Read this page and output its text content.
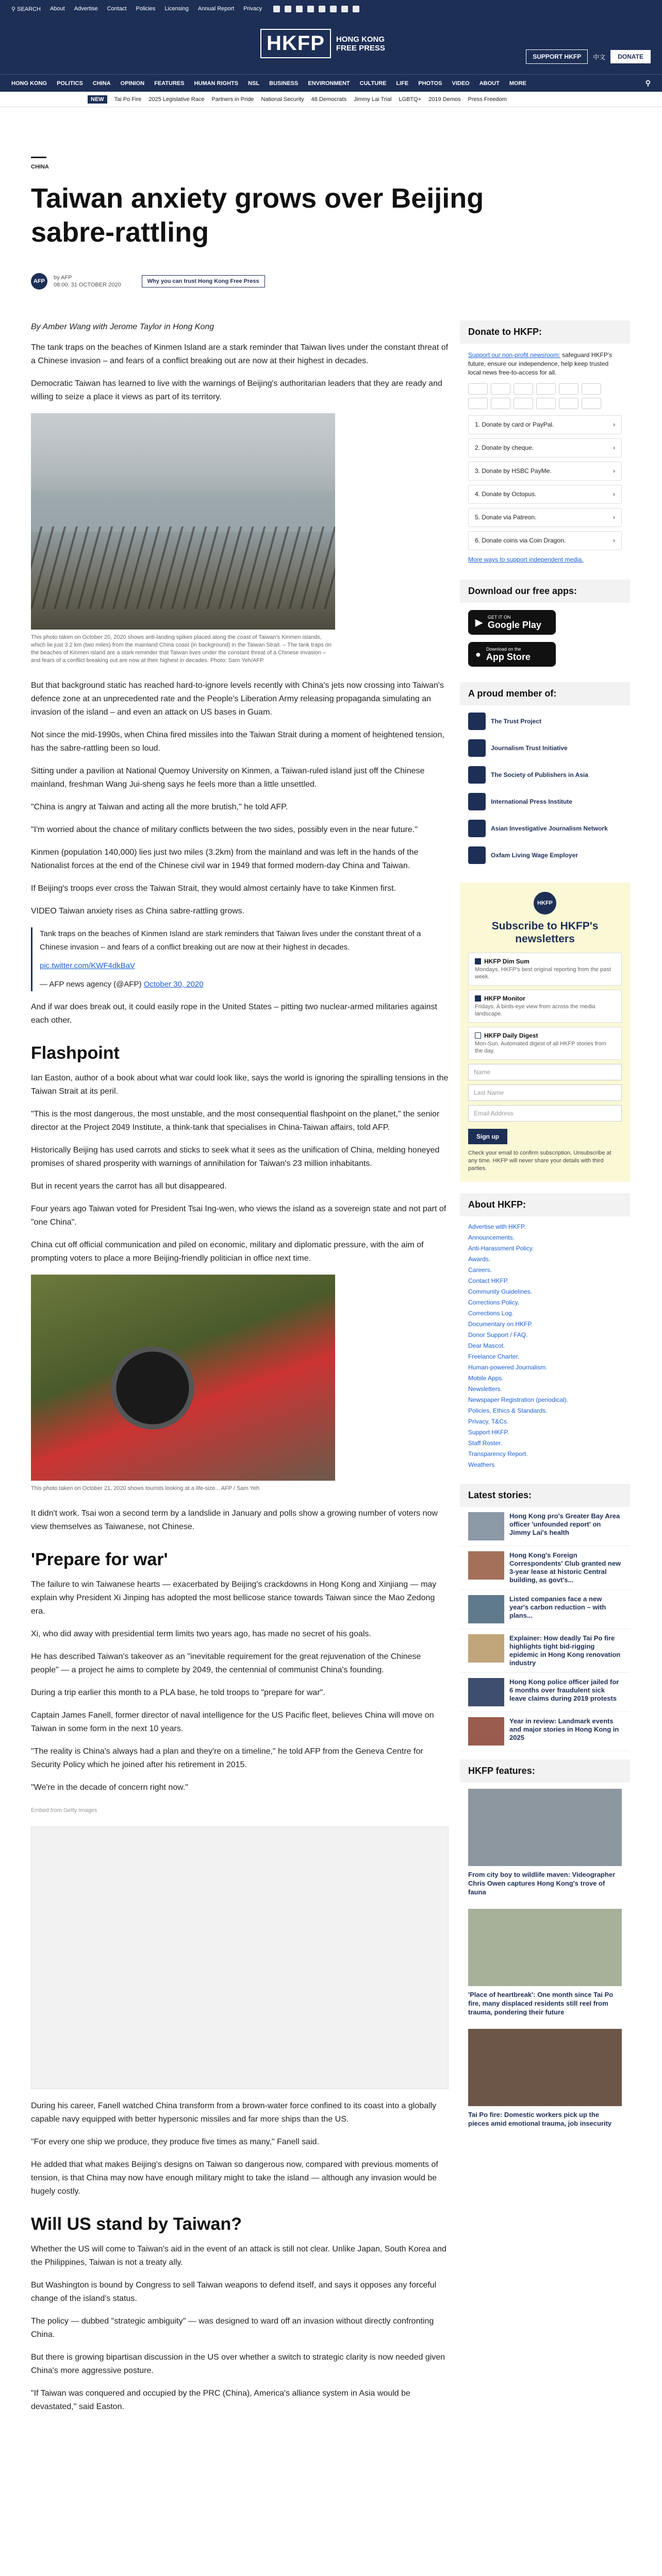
⚲ SEARCH About Advertise Contact Policies Licensing Annual Report Privacy
HKFP	HONG KONG
FREE PRESS
SUPPORT HKFP	中文	DONATE
HONG KONG POLITICS CHINA OPINION FEATURES HUMAN RIGHTS NSL BUSINESS ENVIRONMENT CULTURE LIFE PHOTOS VIDEO ABOUT MORE	⚲
NEW	Tai Po Fire 2025 Legislative Race Partners in Pride National Security 48 Democrats Jimmy Lai Trial LGBTQ+ 2019 Demos Press Freedom
CHINA
Taiwan anxiety grows over Beijing sabre-rattling
AFP
by AFP
08:00, 31 OCTOBER 2020
Why you can trust Hong Kong Free Press

By Amber Wang with Jerome Taylor in Hong Kong

The tank traps on the beaches of Kinmen Island are a stark reminder that Taiwan lives under the constant threat of a Chinese invasion – and fears of a conflict breaking out are now at their highest in decades.

Democratic Taiwan has learned to live with the warnings of Beijing's authoritarian leaders that they are ready and willing to seize a place it views as part of its territory.

This photo taken on October 20, 2020 shows anti-landing spikes placed along the coast of Taiwan's Kinmen islands, which lie just 3.2 km (two miles) from the mainland China coast (in background) in the Taiwan Strait. – The tank traps on the beaches of Kinmen island are a stark reminder that Taiwan lives under the constant threat of a Chinese invasion – and fears of a conflict breaking out are now at their highest in decades. Photo: Sam Yeh/AFP.

But that background static has reached hard-to-ignore levels recently with China's jets now crossing into Taiwan's defence zone at an unprecedented rate and the People's Liberation Army releasing propaganda simulating an invasion of the island – and even an attack on US bases in Guam.

Not since the mid-1990s, when China fired missiles into the Taiwan Strait during a moment of heightened tension, has the sabre-rattling been so loud.

Sitting under a pavilion at National Quemoy University on Kinmen, a Taiwan-ruled island just off the Chinese mainland, freshman Wang Jui-sheng says he feels more than a little unsettled.

"China is angry at Taiwan and acting all the more brutish," he told AFP.

"I'm worried about the chance of military conflicts between the two sides, possibly even in the near future."

Kinmen (population 140,000) lies just two miles (3.2km) from the mainland and was left in the hands of the Nationalist forces at the end of the Chinese civil war in 1949 that formed modern-day China and Taiwan.

If Beijing's troops ever cross the Taiwan Strait, they would almost certainly have to take Kinmen first.

VIDEO Taiwan anxiety rises as China sabre-rattling grows.

Tank traps on the beaches of Kinmen Island are stark reminders that Taiwan lives under the constant threat of a Chinese invasion – and fears of a conflict breaking out are now at their highest in decades.

pic.twitter.com/KWF4dkBaV

— AFP news agency (@AFP) October 30, 2020

And if war does break out, it could easily rope in the United States – pitting two nuclear-armed militaries against each other.

Flashpoint

Ian Easton, author of a book about what war could look like, says the world is ignoring the spiralling tensions in the Taiwan Strait at its peril.

"This is the most dangerous, the most unstable, and the most consequential flashpoint on the planet," the senior director at the Project 2049 Institute, a think-tank that specialises in China-Taiwan affairs, told AFP.

Historically Beijing has used carrots and sticks to seek what it sees as the unification of China, melding honeyed promises of shared prosperity with warnings of annihilation for Taiwan's 23 million inhabitants.

But in recent years the carrot has all but disappeared.

Four years ago Taiwan voted for President Tsai Ing-wen, who views the island as a sovereign state and not part of "one China".

China cut off official communication and piled on economic, military and diplomatic pressure, with the aim of prompting voters to place a more Beijing-friendly politician in office next time.

This photo taken on October 21, 2020 shows tourists looking at a life-size... AFP / Sam Yeh

It didn't work. Tsai won a second term by a landslide in January and polls show a growing number of voters now view themselves as Taiwanese, not Chinese.

'Prepare for war'

The failure to win Taiwanese hearts — exacerbated by Beijing's crackdowns in Hong Kong and Xinjiang — may explain why President Xi Jinping has adopted the most bellicose stance towards Taiwan since the Mao Zedong era.

Xi, who did away with presidential term limits two years ago, has made no secret of his goals.

He has described Taiwan's takeover as an "inevitable requirement for the great rejuvenation of the Chinese people" — a project he aims to complete by 2049, the centennial of communist China's founding.

During a trip earlier this month to a PLA base, he told troops to "prepare for war".

Captain James Fanell, former director of naval intelligence for the US Pacific fleet, believes China will move on Taiwan in some form in the next 10 years.

"The reality is China's always had a plan and they're on a timeline," he told AFP from the Geneva Centre for Security Policy which he joined after his retirement in 2015.

"We're in the decade of concern right now."

Embed from Getty Images

During his career, Fanell watched China transform from a brown-water force confined to its coast into a globally capable navy equipped with better hypersonic missiles and far more ships than the US.

"For every one ship we produce, they produce five times as many," Fanell said.

He added that what makes Beijing's designs on Taiwan so dangerous now, compared with previous moments of tension, is that China may now have enough military might to take the island — although any invasion would be hugely costly.

Will US stand by Taiwan?

Whether the US will come to Taiwan's aid in the event of an attack is still not clear. Unlike Japan, South Korea and the Philippines, Taiwan is not a treaty ally.

But Washington is bound by Congress to sell Taiwan weapons to defend itself, and says it opposes any forceful change of the island's status.

The policy — dubbed "strategic ambiguity" — was designed to ward off an invasion without directly confronting China.

But there is growing bipartisan discussion in the US over whether a switch to strategic clarity is now needed given China's more aggressive posture.

"If Taiwan was conquered and occupied by the PRC (China), America's alliance system in Asia would be devastated," said Easton.

Donate to HKFP:

Support our non-profit newsroom: safeguard HKFP's future, ensure our independence, help keep trusted local news free-to-access for all.

1. Donate by card or PayPal.	›
2. Donate by cheque.	›
3. Donate by HSBC PayMe.	›
4. Donate by Octopus.	›
5. Donate via Patreon.	›
6. Donate coins via Coin Dragon.	›

More ways to support independent media.

Download our free apps:
▶ GET IT ON
Google Play
● Download on the
App Store
A proud member of:
The Trust Project
Journalism Trust Initiative
The Society of Publishers in Asia
International Press Institute
Asian Investigative Journalism Network
Oxfam Living Wage Employer
HKFP
Subscribe to HKFP's newsletters
HKFP Dim Sum
Mondays. HKFP's best original reporting from the past week.
HKFP Monitor
Fridays. A birds-eye view from across the media landscape.
HKFP Daily Digest
Mon-Sun. Automated digest of all HKFP stories from the day.
Name
Last Name
Email Address
Sign up

Check your email to confirm subscription. Unsubscribe at any time. HKFP will never share your details with third parties.

About HKFP:
Advertise with HKFP.
Announcements.
Anti-Harassment Policy.
Awards.
Careers.
Contact HKFP.
Community Guidelines.
Corrections Policy.
Corrections Log.
Documentary on HKFP.
Donor Support / FAQ.
Dear Mascot.
Freelance Charter.
Human-powered Journalism.
Mobile Apps.
Newsletters.
Newspaper Registration (periodical).
Policies, Ethics & Standards.
Privacy, T&Cs.
Support HKFP.
Staff Roster.
Transparency Report.
Weathers
Latest stories:
Hong Kong pro's Greater Bay Area officer 'unfounded report' on Jimmy Lai's health
Hong Kong's Foreign Correspondents' Club granted new 3-year lease at historic Central building, as govt's...
Listed companies face a new year's carbon reduction – with plans...
Explainer: How deadly Tai Po fire highlights tight bid-rigging epidemic in Hong Kong renovation industry
Hong Kong police officer jailed for 6 months over fraudulent sick leave claims during 2019 protests
Year in review: Landmark events and major stories in Hong Kong in 2025
HKFP features:
From city boy to wildlife maven: Videographer Chris Owen captures Hong Kong's trove of fauna
'Place of heartbreak': One month since Tai Po fire, many displaced residents still reel from trauma, pondering their future
Tai Po fire: Domestic workers pick up the pieces amid emotional trauma, job insecurity
